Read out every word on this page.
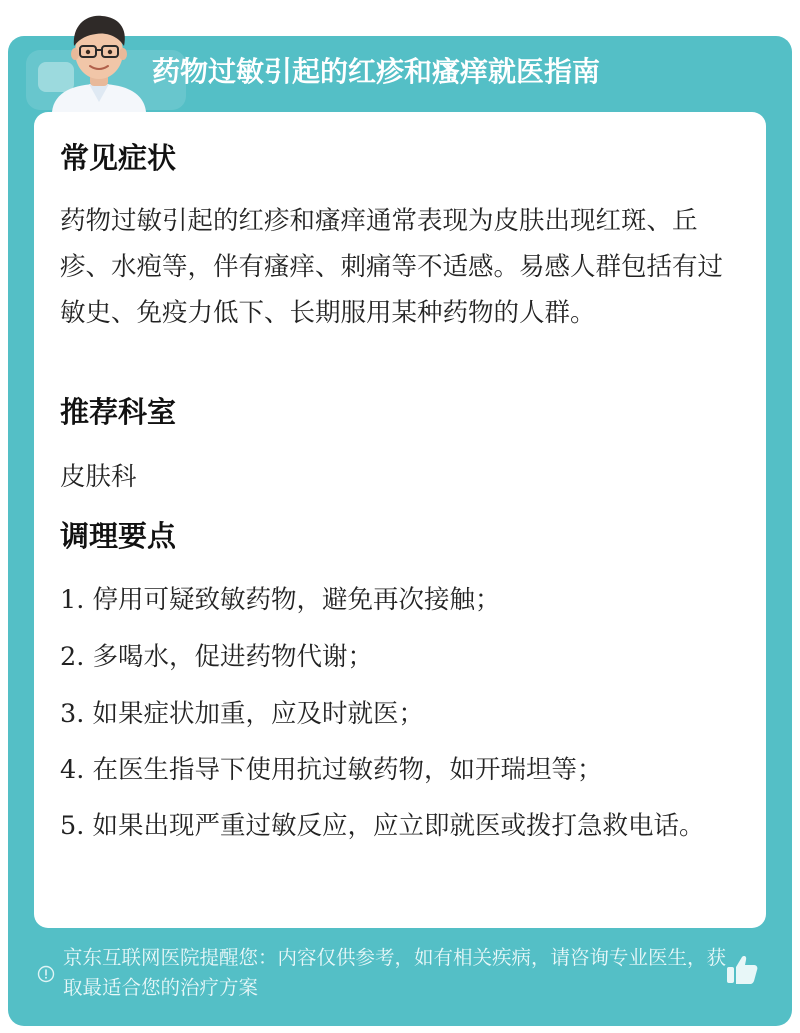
药物过敏引起的红疹和瘙痒就医指南
常见症状
药物过敏引起的红疹和瘙痒通常表现为皮肤出现红斑、丘疹、水疱等，伴有瘙痒、刺痛等不适感。易感人群包括有过敏史、免疫力低下、长期服用某种药物的人群。
推荐科室
皮肤科
调理要点
1. 停用可疑致敏药物，避免再次接触；
2. 多喝水，促进药物代谢；
3. 如果症状加重，应及时就医；
4. 在医生指导下使用抗过敏药物，如开瑞坦等；
5. 如果出现严重过敏反应，应立即就医或拨打急救电话。
京东互联网医院提醒您：内容仅供参考，如有相关疾病，请咨询专业医生，获取最适合您的治疗方案
